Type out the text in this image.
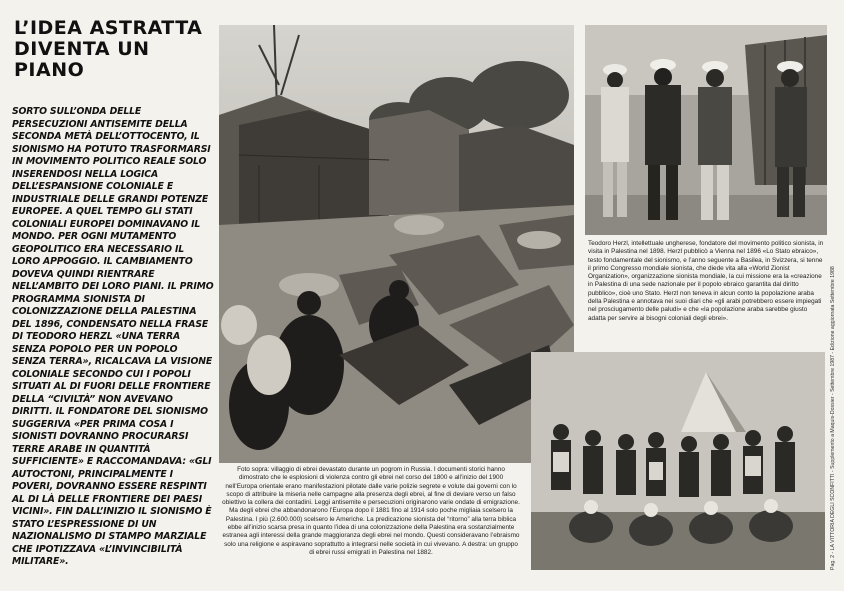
L’IDEA ASTRATTA
DIVENTA UN PIANO

SORTO SULL’ONDA DELLE PERSECUZIONI ANTISEMITE DELLA SECONDA METÀ DELL’OTTOCENTO, IL SIONISMO HA POTUTO TRASFORMARSI IN MOVIMENTO POLITICO REALE SOLO INSERENDOSI NELLA LOGICA DELL’ESPANSIONE COLONIALE E INDUSTRIALE DELLE GRANDI POTENZE EUROPEE. A QUEL TEMPO GLI STATI COLONIALI EUROPEI DOMINAVANO IL MONDO. PER OGNI MUTAMENTO GEOPOLITICO ERA NECESSARIO IL LORO APPOGGIO. IL CAMBIAMENTO DOVEVA QUINDI RIENTRARE NELL’AMBITO DEI LORO PIANI. IL PRIMO PROGRAMMA SIONISTA DI COLONIZZAZIONE DELLA PALESTINA DEL 1896, CONDENSATO NELLA FRASE DI TEODORO HERZL «UNA TERRA SENZA POPOLO PER UN POPOLO SENZA TERRA», RICALCAVA LA VISIONE COLONIALE SECONDO CUI I POPOLI SITUATI AL DI FUORI DELLE FRONTIERE DELLA “CIVILTÀ” NON AVEVANO DIRITTI. IL FONDATORE DEL SIONISMO SUGGERIVA «PER PRIMA COSA I SIONISTI DOVRANNO PROCURARSI TERRE ARABE IN QUANTITÀ SUFFICIENTE» E RACCOMANDAVA: «GLI AUTOCTONI, PRINCIPALMENTE I POVERI, DOVRANNO ESSERE RESPINTI AL DI LÀ DELLE FRONTIERE DEI PAESI VICINI». FIN DALL’INIZIO IL SIONISMO È STATO L’ESPRESSIONE DI UN NAZIONALISMO DI STAMPO MARZIALE CHE IPOTIZZAVA «L’INVINCIBILITÀ MILITARE».

Teodoro Herzl, intellettuale ungherese, fondatore del movimento politico sionista, in visita in Palestina nel 1898. Herzl pubblicò a Vienna nel 1896 «Lo Stato ebraico», testo fondamentale del sionismo, e l’anno seguente a Basilea, in Svizzera, si tenne il primo Congresso mondiale sionista, che diede vita alla «World Zionist Organization», organizzazione sionista mondiale, la cui missione era la «creazione in Palestina di una sede nazionale per il popolo ebraico garantita dal diritto pubblico», cioè uno Stato. Herzl non teneva in alcun conto la popolazione araba della Palestina e annotava nei suoi diari che «gli arabi potrebbero essere impiegati nel prosciugamento delle paludi» e che «la popolazione araba sarebbe giusto adatta per servire ai bisogni coloniali degli ebrei».

Foto sopra: villaggio di ebrei devastato durante un pogrom in Russia. I documenti storici hanno dimostrato che le esplosioni di violenza contro gli ebrei nel corso del 1800 e all’inizio del 1900 nell’Europa orientale erano manifestazioni pilotate dalle varie polizie segrete e volute dai governi con lo scopo di attribuire la miseria nelle campagne alla presenza degli ebrei, al fine di deviare verso un falso obiettivo la collera dei contadini. Leggi antisemite e persecuzioni originarono varie ondate di emigrazione. Ma degli ebrei che abbandonarono l’Europa dopo il 1881 fino al 1914 solo poche migliaia scelsero la Palestina. I più (2.600.000) scelsero le Americhe. La predicazione sionista del “ritorno” alla terra biblica ebbe all’inizio scarsa presa in quanto l’idea di una colonizzazione della Palestina era sostanzialmente estranea agli interessi della grande maggioranza degli ebrei nel mondo. Questi consideravano l’ebraismo solo una religione e aspiravano soprattutto a integrarsi nelle società in cui vivevano. A destra: un gruppo di ebrei russi emigrati in Palestina nel 1882.	Pag. 2 - LA VITTORIA DEGLI SCONFITTI - Supplemento a Maquis-Dossier - Settembre 1987 - Edizione aggiornata Settembre 1988
